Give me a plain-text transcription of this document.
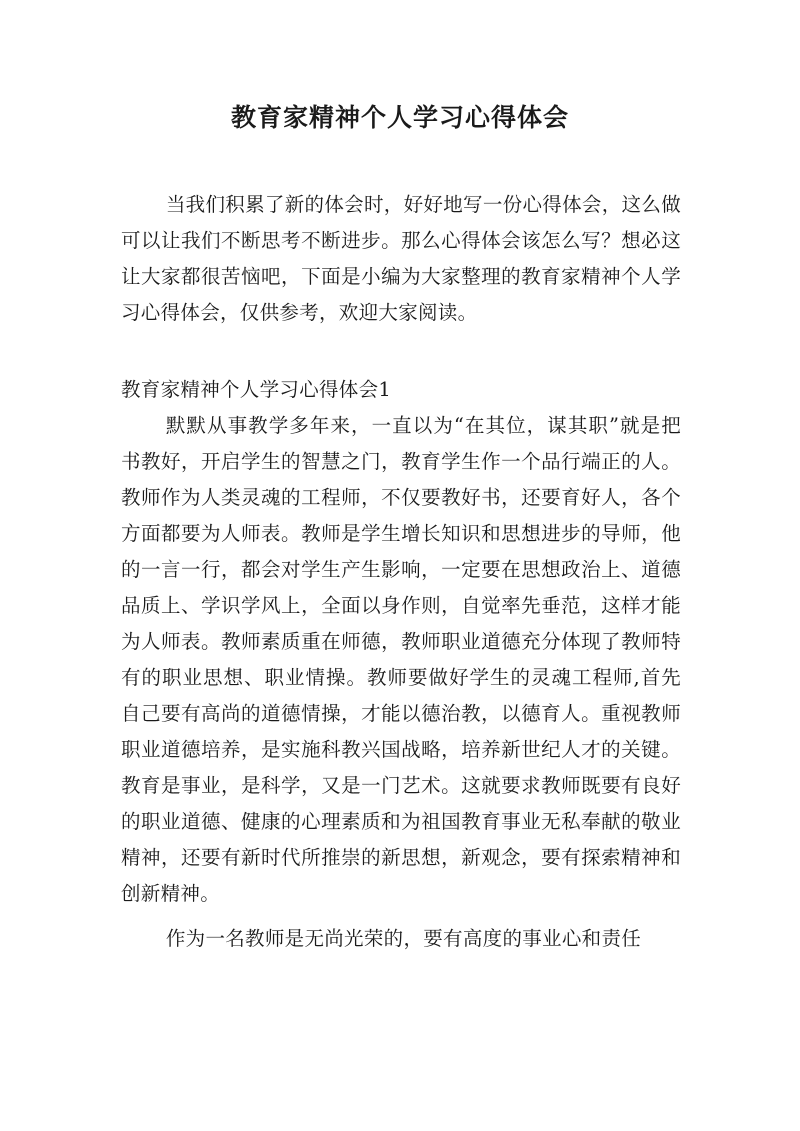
教育家精神个人学习心得体会

当我们积累了新的体会时，好好地写一份心得体会，这么做可以让我们不断思考不断进步。那么心得体会该怎么写？想必这让大家都很苦恼吧，下面是小编为大家整理的教育家精神个人学习心得体会，仅供参考，欢迎大家阅读。

教育家精神个人学习心得体会1

默默从事教学多年来，一直以为“在其位，谋其职”就是把书教好，开启学生的智慧之门，教育学生作一个品行端正的人。教师作为人类灵魂的工程师，不仅要教好书，还要育好人，各个方面都要为人师表。教师是学生增长知识和思想进步的导师，他的一言一行，都会对学生产生影响，一定要在思想政治上、道德品质上、学识学风上，全面以身作则，自觉率先垂范，这样才能为人师表。教师素质重在师德，教师职业道德充分体现了教师特有的职业思想、职业情操。教师要做好学生的灵魂工程师,首先自己要有高尚的道德情操，才能以德治教，以德育人。重视教师职业道德培养，是实施科教兴国战略，培养新世纪人才的关键。教育是事业，是科学，又是一门艺术。这就要求教师既要有良好的职业道德、健康的心理素质和为祖国教育事业无私奉献的敬业精神，还要有新时代所推崇的新思想，新观念，要有探索精神和创新精神。

作为一名教师是无尚光荣的，要有高度的事业心和责任
